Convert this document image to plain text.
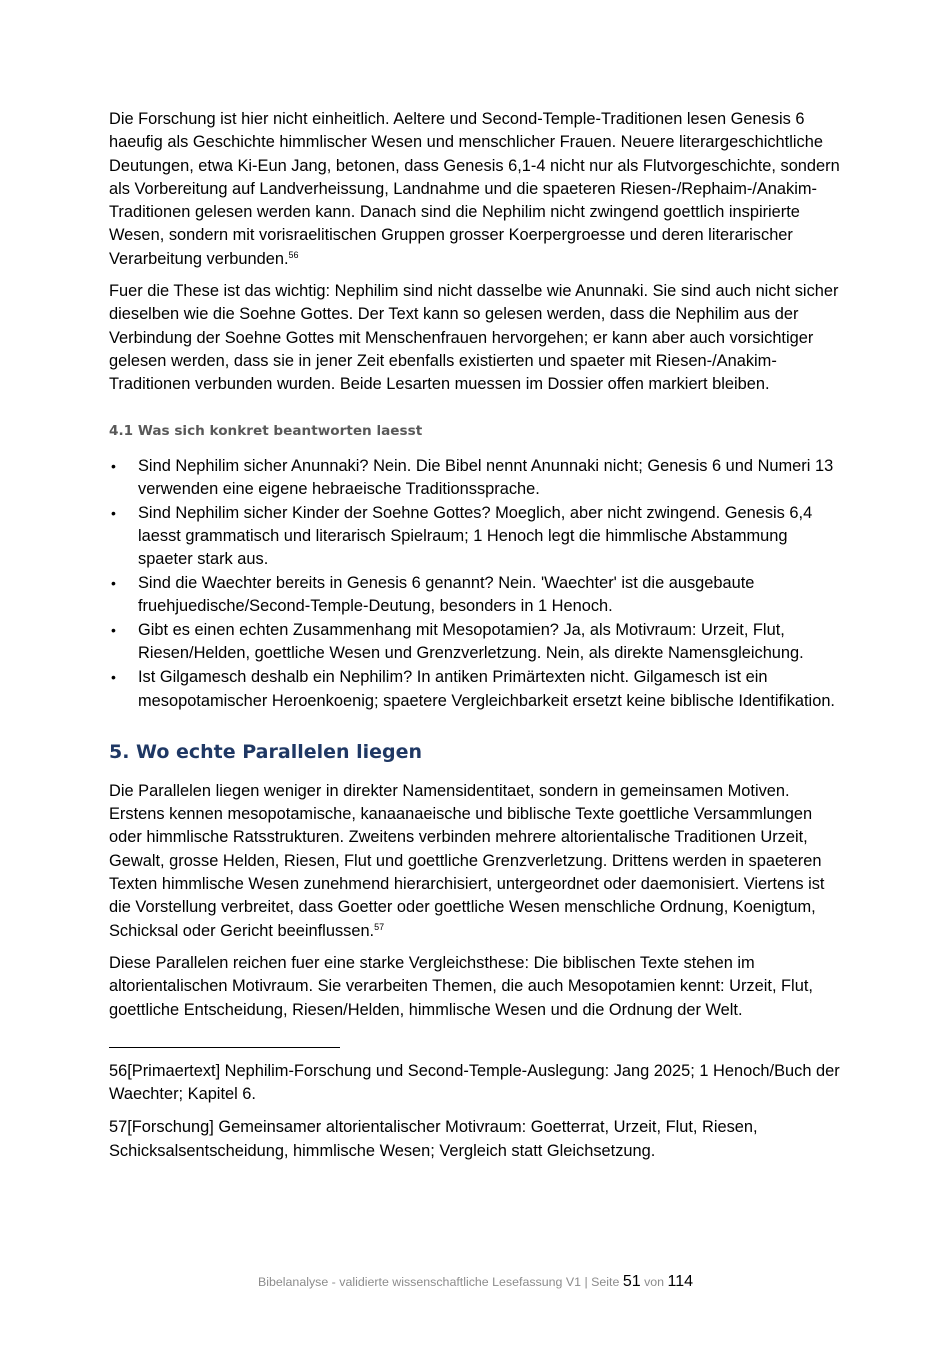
Die Forschung ist hier nicht einheitlich. Aeltere und Second-Temple-Traditionen lesen Genesis 6 haeufig als Geschichte himmlischer Wesen und menschlicher Frauen. Neuere literargeschichtliche Deutungen, etwa Ki-Eun Jang, betonen, dass Genesis 6,1-4 nicht nur als Flutvorgeschichte, sondern als Vorbereitung auf Landverheissung, Landnahme und die spaeteren Riesen-/Rephaim-/Anakim-Traditionen gelesen werden kann. Danach sind die Nephilim nicht zwingend goettlich inspirierte Wesen, sondern mit vorisraelitischen Gruppen grosser Koerpergroesse und deren literarischer Verarbeitung verbunden.$^{56}$

Fuer die These ist das wichtig: Nephilim sind nicht dasselbe wie Anunnaki. Sie sind auch nicht sicher dieselben wie die Soehne Gottes. Der Text kann so gelesen werden, dass die Nephilim aus der Verbindung der Soehne Gottes mit Menschenfrauen hervorgehen; er kann aber auch vorsichtiger gelesen werden, dass sie in jener Zeit ebenfalls existierten und spaeter mit Riesen-/Anakim-Traditionen verbunden wurden. Beide Lesarten muessen im Dossier offen markiert bleiben.

4.1 Was sich konkret beantworten laesst
• Sind Nephilim sicher Anunnaki? Nein. Die Bibel nennt Anunnaki nicht; Genesis 6 und Numeri 13 verwenden eine eigene hebraeische Traditionssprache.
• Sind Nephilim sicher Kinder der Soehne Gottes? Moeglich, aber nicht zwingend. Genesis 6,4 laesst grammatisch und literarisch Spielraum; 1 Henoch legt die himmlische Abstammung spaeter stark aus.
• Sind die Waechter bereits in Genesis 6 genannt? Nein. 'Waechter' ist die ausgebaute fruehjuedische/Second-Temple-Deutung, besonders in 1 Henoch.
• Gibt es einen echten Zusammenhang mit Mesopotamien? Ja, als Motivraum: Urzeit, Flut, Riesen/Helden, goettliche Wesen und Grenzverletzung. Nein, als direkte Namensgleichung.
• Ist Gilgamesch deshalb ein Nephilim? In antiken Primärtexten nicht. Gilgamesch ist ein mesopotamischer Heroenkoenig; spaetere Vergleichbarkeit ersetzt keine biblische Identifikation.
5. Wo echte Parallelen liegen

Die Parallelen liegen weniger in direkter Namensidentitaet, sondern in gemeinsamen Motiven. Erstens kennen mesopotamische, kanaanaeische und biblische Texte goettliche Versammlungen oder himmlische Ratsstrukturen. Zweitens verbinden mehrere altorientalische Traditionen Urzeit, Gewalt, grosse Helden, Riesen, Flut und goettliche Grenzverletzung. Drittens werden in spaeteren Texten himmlische Wesen zunehmend hierarchisiert, untergeordnet oder daemonisiert. Viertens ist die Vorstellung verbreitet, dass Goetter oder goettliche Wesen menschliche Ordnung, Koenigtum, Schicksal oder Gericht beeinflussen.$^{57}$

Diese Parallelen reichen fuer eine starke Vergleichsthese: Die biblischen Texte stehen im altorientalischen Motivraum. Sie verarbeiten Themen, die auch Mesopotamien kennt: Urzeit, Flut, goettliche Entscheidung, Riesen/Helden, himmlische Wesen und die Ordnung der Welt.

56[Primaertext] Nephilim-Forschung und Second-Temple-Auslegung: Jang 2025; 1 Henoch/Buch der Waechter; Kapitel 6.

57[Forschung] Gemeinsamer altorientalischer Motivraum: Goetterrat, Urzeit, Flut, Riesen, Schicksalsentscheidung, himmlische Wesen; Vergleich statt Gleichsetzung.

Bibelanalyse - validierte wissenschaftliche Lesefassung V1 | Seite 51 von 114
